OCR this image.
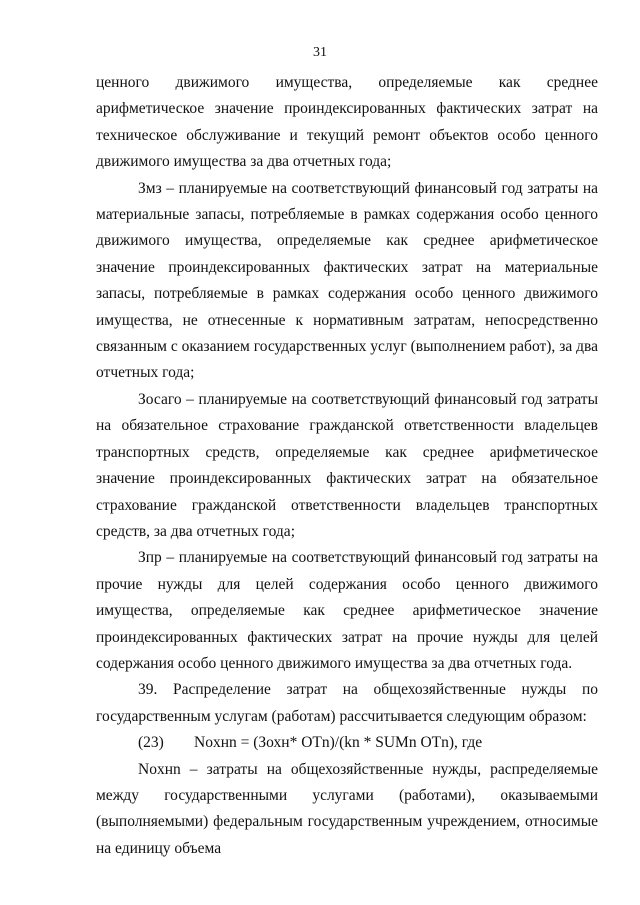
31

ценного движимого имущества, определяемые как среднее арифметическое значение проиндексированных фактических затрат на техническое обслуживание и текущий ремонт объектов особо ценного движимого имущества за два отчетных года;

Змз – планируемые на соответствующий финансовый год затраты на материальные запасы, потребляемые в рамках содержания особо ценного движимого имущества, определяемые как среднее арифметическое значение проиндексированных фактических затрат на материальные запасы, потребляемые в рамках содержания особо ценного движимого имущества, не отнесенные к нормативным затратам, непосредственно связанным с оказанием государственных услуг (выполнением работ), за два отчетных года;

Зосаго – планируемые на соответствующий финансовый год затраты на обязательное страхование гражданской ответственности владельцев транспортных средств, определяемые как среднее арифметическое значение проиндексированных фактических затрат на обязательное страхование гражданской ответственности владельцев транспортных средств, за два отчетных года;

Зпр – планируемые на соответствующий финансовый год затраты на прочие нужды для целей содержания особо ценного движимого имущества, определяемые как среднее арифметическое значение проиндексированных фактических затрат на прочие нужды для целей содержания особо ценного движимого имущества за два отчетных года.

39. Распределение затрат на общехозяйственные нужды по государственным услугам (работам) рассчитывается следующим образом:

(23) Noxнn = (Зохн* OTn)/(kn * SUMn OTn), где

Noxнn – затраты на общехозяйственные нужды, распределяемые между государственными услугами (работами), оказываемыми (выполняемыми) федеральным государственным учреждением, относимые на единицу объема
